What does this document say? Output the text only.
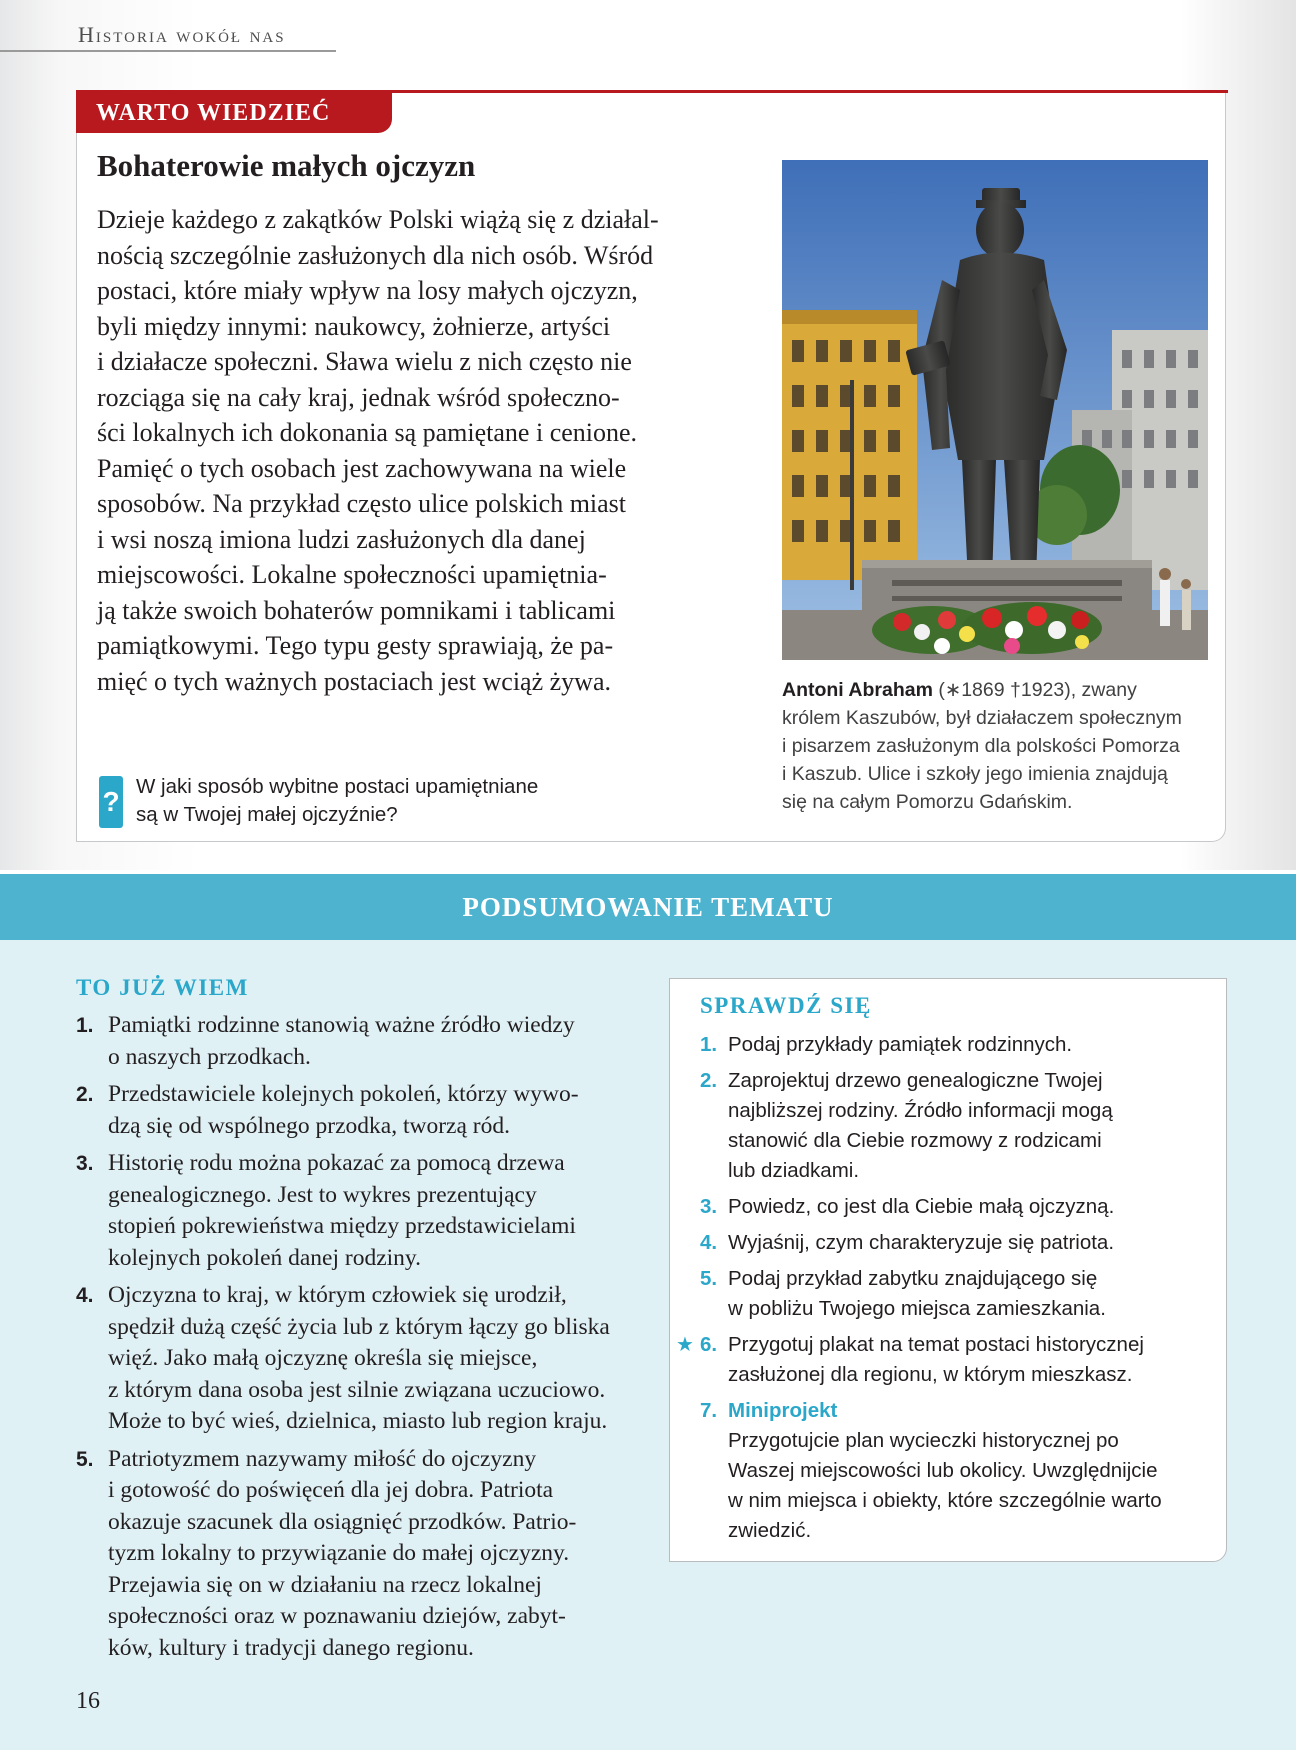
Historia wokół nas
WARTO WIEDZIEĆ
Bohaterowie małych ojczyzn

Dzieje każdego z zakątków Polski wiążą się z działal-

nością szczególnie zasłużonych dla nich osób. Wśród

postaci, które miały wpływ na losy małych ojczyzn,

byli między innymi: naukowcy, żołnierze, artyści

i działacze społeczni. Sława wielu z nich często nie

rozciąga się na cały kraj, jednak wśród społeczno-

ści lokalnych ich dokonania są pamiętane i cenione.

Pamięć o tych osobach jest zachowywana na wiele

sposobów. Na przykład często ulice polskich miast

i wsi noszą imiona ludzi zasłużonych dla danej

miejscowości. Lokalne społeczności upamiętnia-

ją także swoich bohaterów pomnikami i tablicami

pamiątkowymi. Tego typu gesty sprawiają, że pa-

mięć o tych ważnych postaciach jest wciąż żywa.

? W jaki sposób wybitne postaci upamiętniane
są w Twojej małej ojczyźnie?
Antoni Abraham (∗1869 †1923), zwany
królem Kaszubów, był działaczem społecznym
i pisarzem zasłużonym dla polskości Pomorza
i Kaszub. Ulice i szkoły jego imienia znajdują
się na całym Pomorzu Gdańskim.
PODSUMOWANIE TEMATU
TO JUŻ WIEM
1. Pamiątki rodzinne stanowią ważne źródło wiedzy
o naszych przodkach.
2. Przedstawiciele kolejnych pokoleń, którzy wywo-
dzą się od wspólnego przodka, tworzą ród.
3. Historię rodu można pokazać za pomocą drzewa
genealogicznego. Jest to wykres prezentujący
stopień pokrewieństwa między przedstawicielami
kolejnych pokoleń danej rodziny.
4. Ojczyzna to kraj, w którym człowiek się urodził,
spędził dużą część życia lub z którym łączy go bliska
więź. Jako małą ojczyznę określa się miejsce,
z którym dana osoba jest silnie związana uczuciowo.
Może to być wieś, dzielnica, miasto lub region kraju.
5. Patriotyzmem nazywamy miłość do ojczyzny
i gotowość do poświęceń dla jej dobra. Patriota
okazuje szacunek dla osiągnięć przodków. Patrio-
tyzm lokalny to przywiązanie do małej ojczyzny.
Przejawia się on w działaniu na rzecz lokalnej
społeczności oraz w poznawaniu dziejów, zabyt-
ków, kultury i tradycji danego regionu.
SPRAWDŹ SIĘ
1. Podaj przykłady pamiątek rodzinnych.
2. Zaprojektuj drzewo genealogiczne Twojej
najbliższej rodziny. Źródło informacji mogą
stanowić dla Ciebie rozmowy z rodzicami
lub dziadkami.
3. Powiedz, co jest dla Ciebie małą ojczyzną.
4. Wyjaśnij, czym charakteryzuje się patriota.
5. Podaj przykład zabytku znajdującego się
w pobliżu Twojego miejsca zamieszkania.
★ 6. Przygotuj plakat na temat postaci historycznej
zasłużonej dla regionu, w którym mieszkasz.
7. Miniprojekt
Przygotujcie plan wycieczki historycznej po
Waszej miejscowości lub okolicy. Uwzględnijcie
w nim miejsca i obiekty, które szczególnie warto
zwiedzić.
16
